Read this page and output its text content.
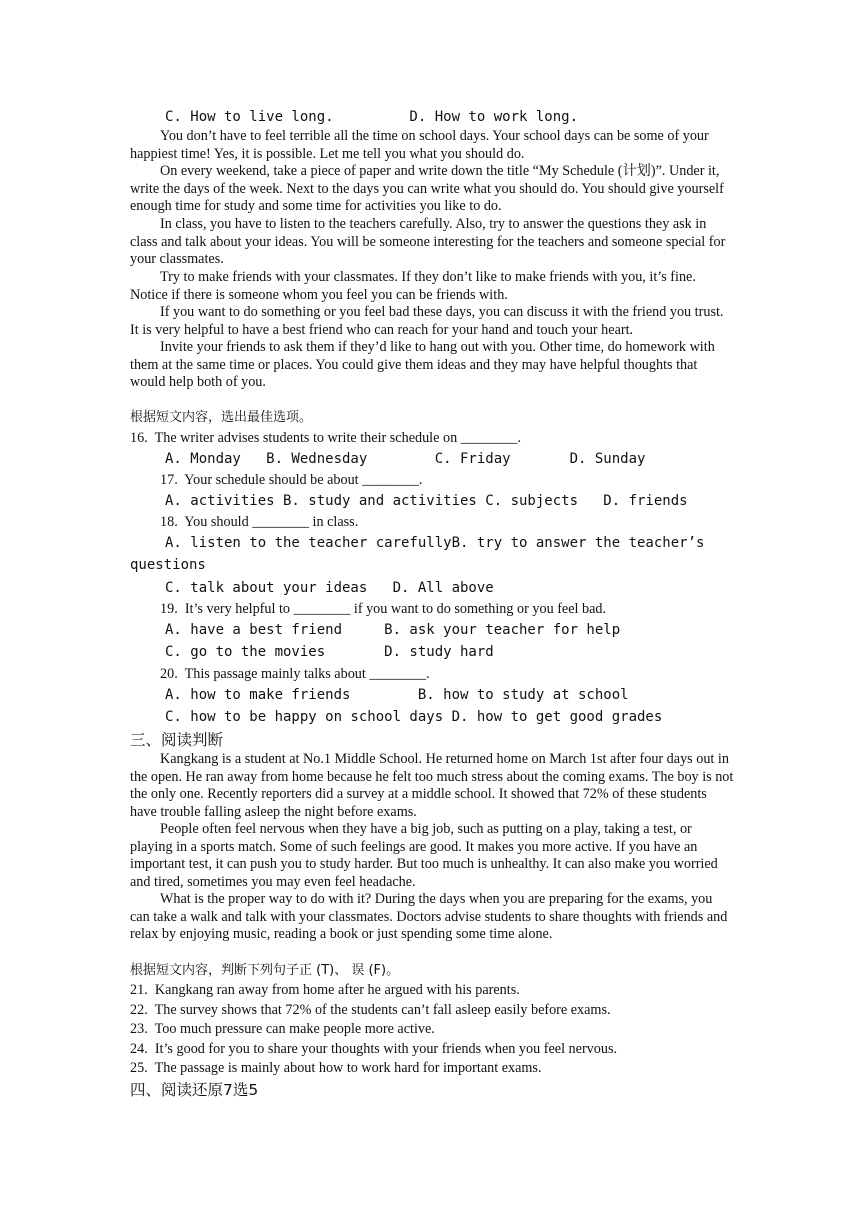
C. How to live long.         D. How to work long.

You don’t have to feel terrible all the time on school days. Your school days can be some of your happiest time! Yes, it is possible. Let me tell you what you should do.

On every weekend, take a piece of paper and write down the title “My Schedule (计划)”. Under it, write the days of the week. Next to the days you can write what you should do. You should give yourself enough time for study and some time for activities you like to do.

In class, you have to listen to the teachers carefully. Also, try to answer the questions they ask in class and talk about your ideas. You will be someone interesting for the teachers and someone special for your classmates.

Try to make friends with your classmates. If they don’t like to make friends with you, it’s fine. Notice if there is someone whom you feel you can be friends with.

If you want to do something or you feel bad these days, you can discuss it with the friend you trust. It is very helpful to have a best friend who can reach for your hand and touch your heart.

Invite your friends to ask them if they’d like to hang out with you. Other time, do homework with them at the same time or places. You could give them ideas and they may have helpful thoughts that would help both of you.

根据短文内容，选出最佳选项。
16.  The writer advises students to write their schedule on ________.
A. Monday   B. Wednesday        C. Friday       D. Sunday
17.  Your schedule should be about ________.
A. activities B. study and activities C. subjects   D. friends
18.  You should ________ in class.
A. listen to the teacher carefullyB. try to answer the teacher’s
questions
C. talk about your ideas   D. All above
19.  It’s very helpful to ________ if you want to do something or you feel bad.
A. have a best friend     B. ask your teacher for help
C. go to the movies       D. study hard
20.  This passage mainly talks about ________.
A. how to make friends        B. how to study at school
C. how to be happy on school days D. how to get good grades
三、阅读判断

Kangkang is a student at No.1 Middle School. He returned home on March 1st after four days out in the open. He ran away from home because he felt too much stress about the coming exams. The boy is not the only one. Recently reporters did a survey at a middle school. It showed that 72% of these students have trouble falling asleep the night before exams.

People often feel nervous when they have a big job, such as putting on a play, taking a test, or playing in a sports match. Some of such feelings are good. It makes you more active. If you have an important test, it can push you to study harder. But too much is unhealthy. It can also make you worried and tired, sometimes you may even feel headache.

What is the proper way to do with it? During the days when you are preparing for the exams, you can take a walk and talk with your classmates. Doctors advise students to share thoughts with friends and relax by enjoying music, reading a book or just spending some time alone.

根据短文内容，判断下列句子正 (T)、 误 (F)。
21.  Kangkang ran away from home after he argued with his parents.
22.  The survey shows that 72% of the students can’t fall asleep easily before exams.
23.  Too much pressure can make people more active.
24.  It’s good for you to share your thoughts with your friends when you feel nervous.
25.  The passage is mainly about how to work hard for important exams.
四、阅读还原7选5
